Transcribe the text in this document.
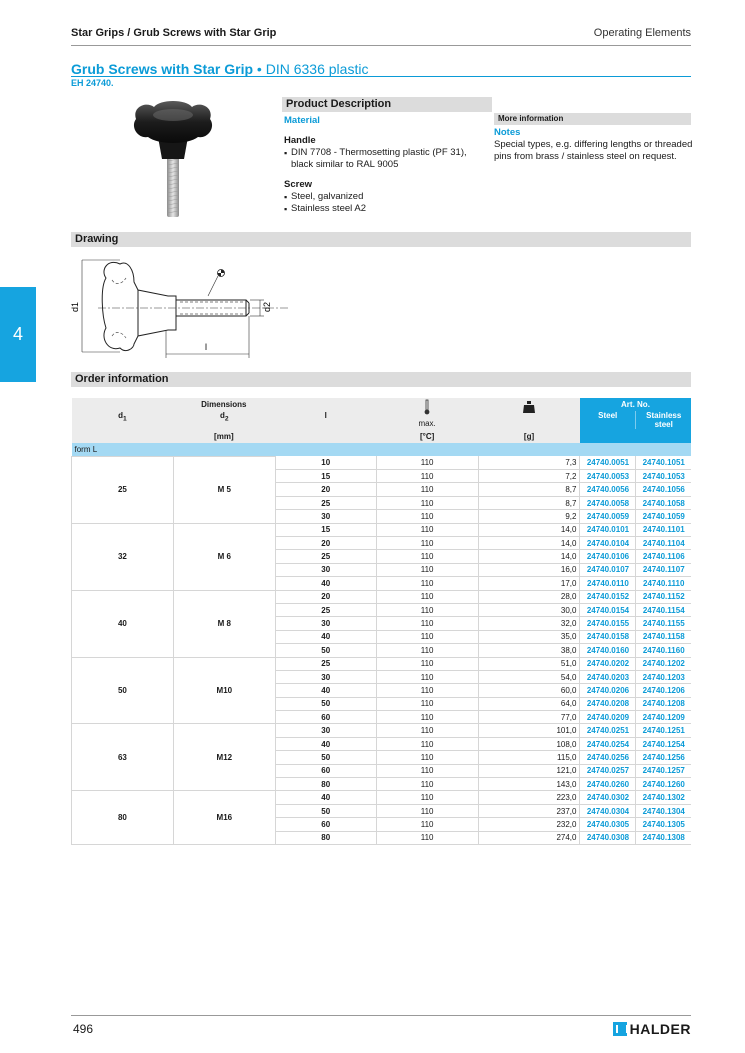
Star Grips / Grub Screws with Star Grip	Operating Elements
Grub Screws with Star Grip • DIN 6336 plastic
EH 24740.
4
Product Description
Material
Handle
▪ DIN 7708 - Thermosetting plastic (PF 31), black similar to RAL 9005
Screw
▪ Steel, galvanized
▪ Stainless steel A2
More information
Notes
Special types, e.g. differing lengths or threaded pins from brass / stainless steel on request.
Drawing
d1	d2
l
Order information
Dimensions			max.		Art. No.	
$d_1$	$d_2$	l			Steel	Stainless steel

[mm]			[°C]	[g]		
form L						
25	M 5	10	110	7,3	24740.0051	24740.1051
		15	110	7,2	24740.0053	24740.1053
		20	110	8,7	24740.0056	24740.1056
		25	110	8,7	24740.0058	24740.1058
		30	110	9,2	24740.0059	24740.1059
32	M 6	15	110	14,0	24740.0101	24740.1101
		20	110	14,0	24740.0104	24740.1104
		25	110	14,0	24740.0106	24740.1106
		30	110	16,0	24740.0107	24740.1107
		40	110	17,0	24740.0110	24740.1110
40	M 8	20	110	28,0	24740.0152	24740.1152
		25	110	30,0	24740.0154	24740.1154
		30	110	32,0	24740.0155	24740.1155
		40	110	35,0	24740.0158	24740.1158
		50	110	38,0	24740.0160	24740.1160
50	M10	25	110	51,0	24740.0202	24740.1202
		30	110	54,0	24740.0203	24740.1203
		40	110	60,0	24740.0206	24740.1206
		50	110	64,0	24740.0208	24740.1208
		60	110	77,0	24740.0209	24740.1209
63	M12	30	110	101,0	24740.0251	24740.1251
		40	110	108,0	24740.0254	24740.1254
		50	110	115,0	24740.0256	24740.1256
		60	110	121,0	24740.0257	24740.1257
		80	110	143,0	24740.0260	24740.1260
80	M16	40	110	223,0	24740.0302	24740.1302
		50	110	237,0	24740.0304	24740.1304
		60	110	232,0	24740.0305	24740.1305
		80	110	274,0	24740.0308	24740.1308
496	HALDER
